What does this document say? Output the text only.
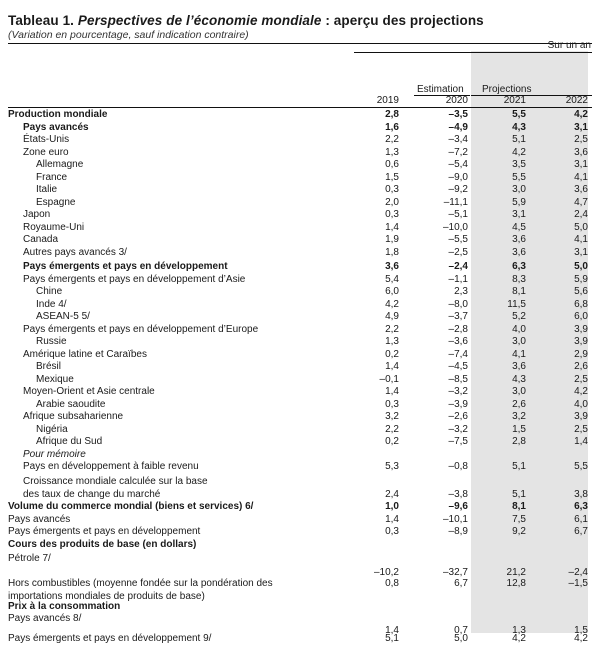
Tableau 1. Perspectives de l’économie mondiale : aperçu des projections
(Variation en pourcentage, sauf indication contraire)
Sur un an
Estimation Projections
2019	2020	2021	2022
Production mondiale	2,8	–3,5	5,5	4,2
Pays avancés	1,6	–4,9	4,3	3,1
États-Unis	2,2	–3,4	5,1	2,5
Zone euro	1,3	–7,2	4,2	3,6
Allemagne	0,6	–5,4	3,5	3,1
France	1,5	–9,0	5,5	4,1
Italie	0,3	–9,2	3,0	3,6
Espagne	2,0	–11,1	5,9	4,7
Japon	0,3	–5,1	3,1	2,4
Royaume-Uni	1,4	–10,0	4,5	5,0
Canada	1,9	–5,5	3,6	4,1
Autres pays avancés 3/	1,8	–2,5	3,6	3,1
Pays émergents et pays en développement	3,6	–2,4	6,3	5,0
Pays émergents et pays en développement d’Asie	5,4	–1,1	8,3	5,9
Chine	6,0	2,3	8,1	5,6
Inde 4/	4,2	–8,0	11,5	6,8
ASEAN-5 5/	4,9	–3,7	5,2	6,0
Pays émergents et pays en développement d’Europe	2,2	–2,8	4,0	3,9
Russie	1,3	–3,6	3,0	3,9
Amérique latine et Caraïbes	0,2	–7,4	4,1	2,9
Brésil	1,4	–4,5	3,6	2,6
Mexique	–0,1	–8,5	4,3	2,5
Moyen-Orient et Asie centrale	1,4	–3,2	3,0	4,2
Arabie saoudite	0,3	–3,9	2,6	4,0
Afrique subsaharienne	3,2	–2,6	3,2	3,9
Nigéria	2,2	–3,2	1,5	2,5
Afrique du Sud	0,2	–7,5	2,8	1,4
Pour mémoire
Pays en développement à faible revenu	5,3	–0,8	5,1	5,5
Croissance mondiale calculée sur la base
des taux de change du marché	2,4	–3,8	5,1	3,8
Volume du commerce mondial (biens et services) 6/	1,0	–9,6	8,1	6,3
Pays avancés	1,4	–10,1	7,5	6,1
Pays émergents et pays en développement	0,3	–8,9	9,2	6,7
Cours des produits de base (en dollars)
Pétrole 7/
–10,2	–32,7	21,2	–2,4
Hors combustibles (moyenne fondée sur la pondération des	0,8	6,7	12,8	–1,5
importations mondiales de produits de base)
Prix à la consommation
Pays avancés 8/
1,4	0,7	1,3	1,5
Pays émergents et pays en développement 9/	5,1	5,0	4,2	4,2
